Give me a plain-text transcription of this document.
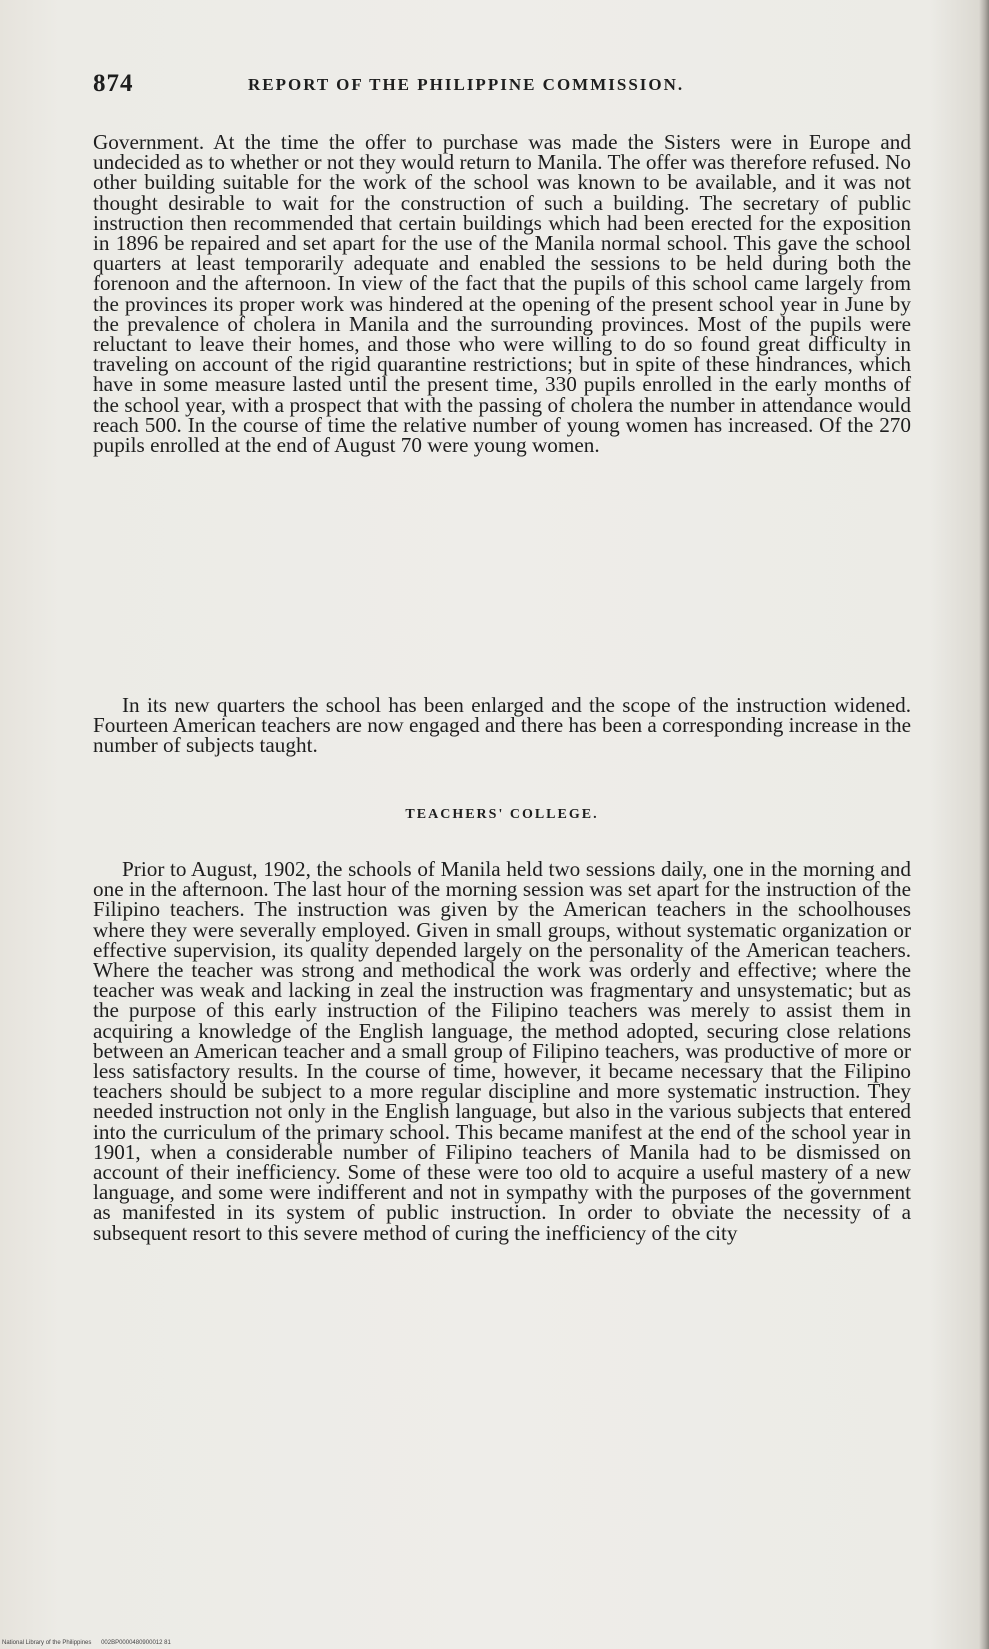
874	REPORT OF THE PHILIPPINE COMMISSION.

Government. At the time the offer to purchase was made the Sisters were in Europe and undecided as to whether or not they would return to Manila. The offer was therefore refused. No other building suitable for the work of the school was known to be available, and it was not thought desirable to wait for the construction of such a building. The secretary of public instruction then recommended that certain buildings which had been erected for the exposition in 1896 be repaired and set apart for the use of the Manila normal school. This gave the school quarters at least temporarily adequate and enabled the sessions to be held during both the forenoon and the afternoon. In view of the fact that the pupils of this school came largely from the provinces its proper work was hindered at the opening of the present school year in June by the prevalence of cholera in Manila and the surrounding provinces. Most of the pupils were reluctant to leave their homes, and those who were willing to do so found great difficulty in traveling on account of the rigid quarantine restrictions; but in spite of these hindrances, which have in some measure lasted until the present time, 330 pupils enrolled in the early months of the school year, with a prospect that with the passing of cholera the number in attendance would reach 500. In the course of time the relative number of young women has increased. Of the 270 pupils enrolled at the end of August 70 were young women.

In its new quarters the school has been enlarged and the scope of the instruction widened. Fourteen American teachers are now engaged and there has been a corresponding increase in the number of subjects taught.

TEACHERS' COLLEGE.

Prior to August, 1902, the schools of Manila held two sessions daily, one in the morning and one in the afternoon. The last hour of the morning session was set apart for the instruction of the Filipino teachers. The instruction was given by the American teachers in the schoolhouses where they were severally employed. Given in small groups, without systematic organization or effective supervision, its quality depended largely on the personality of the American teachers. Where the teacher was strong and methodical the work was orderly and effective; where the teacher was weak and lacking in zeal the instruction was fragmentary and unsystematic; but as the purpose of this early instruction of the Filipino teachers was merely to assist them in acquiring a knowledge of the English language, the method adopted, securing close relations between an American teacher and a small group of Filipino teachers, was productive of more or less satisfactory results. In the course of time, however, it became necessary that the Filipino teachers should be subject to a more regular discipline and more systematic instruction. They needed instruction not only in the English language, but also in the various subjects that entered into the curriculum of the primary school. This became manifest at the end of the school year in 1901, when a considerable number of Filipino teachers of Manila had to be dismissed on account of their inefficiency. Some of these were too old to acquire a useful mastery of a new language, and some were indifferent and not in sympathy with the purposes of the government as manifested in its system of public instruction. In order to obviate the necessity of a subsequent resort to this severe method of curing the inefficiency of the city

National Library of the Philippines 002BP0000480900012 81
